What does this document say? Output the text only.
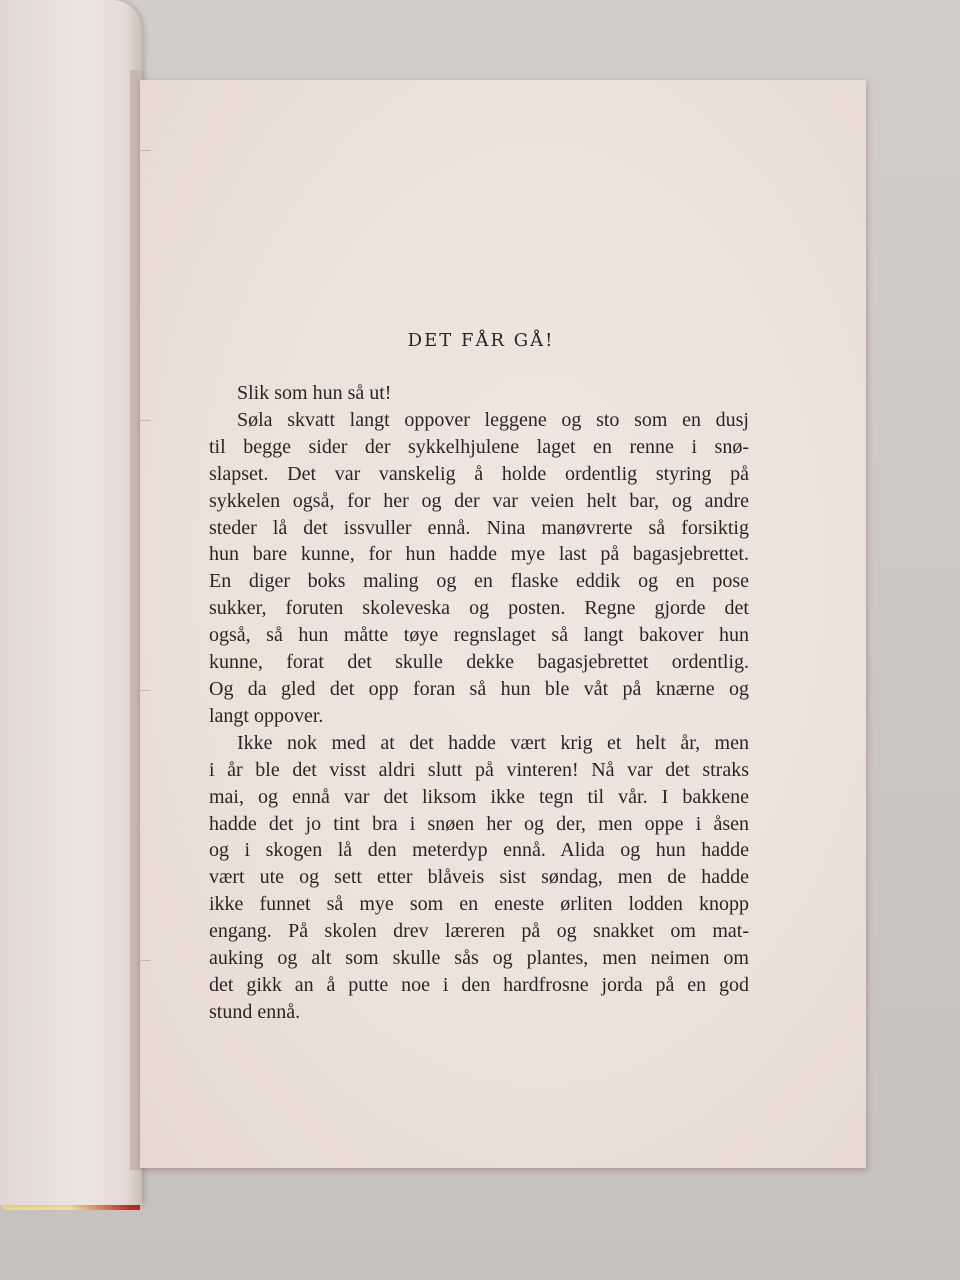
DET FÅR GÅ!
Slik som hun så ut!
Søla skvatt langt oppover leggene og sto som en dusj
til begge sider der sykkelhjulene laget en renne i snø-
slapset. Det var vanskelig å holde ordentlig styring på
sykkelen også, for her og der var veien helt bar, og andre
steder lå det issvuller ennå. Nina manøvrerte så forsiktig
hun bare kunne, for hun hadde mye last på bagasjebrettet.
En diger boks maling og en flaske eddik og en pose
sukker, foruten skoleveska og posten. Regne gjorde det
også, så hun måtte tøye regnslaget så langt bakover hun
kunne, forat det skulle dekke bagasjebrettet ordentlig.
Og da gled det opp foran så hun ble våt på knærne og
langt oppover.
Ikke nok med at det hadde vært krig et helt år, men
i år ble det visst aldri slutt på vinteren! Nå var det straks
mai, og ennå var det liksom ikke tegn til vår. I bakkene
hadde det jo tint bra i snøen her og der, men oppe i åsen
og i skogen lå den meterdyp ennå. Alida og hun hadde
vært ute og sett etter blåveis sist søndag, men de hadde
ikke funnet så mye som en eneste ørliten lodden knopp
engang. På skolen drev læreren på og snakket om mat-
auking og alt som skulle sås og plantes, men neimen om
det gikk an å putte noe i den hardfrosne jorda på en god
stund ennå.
